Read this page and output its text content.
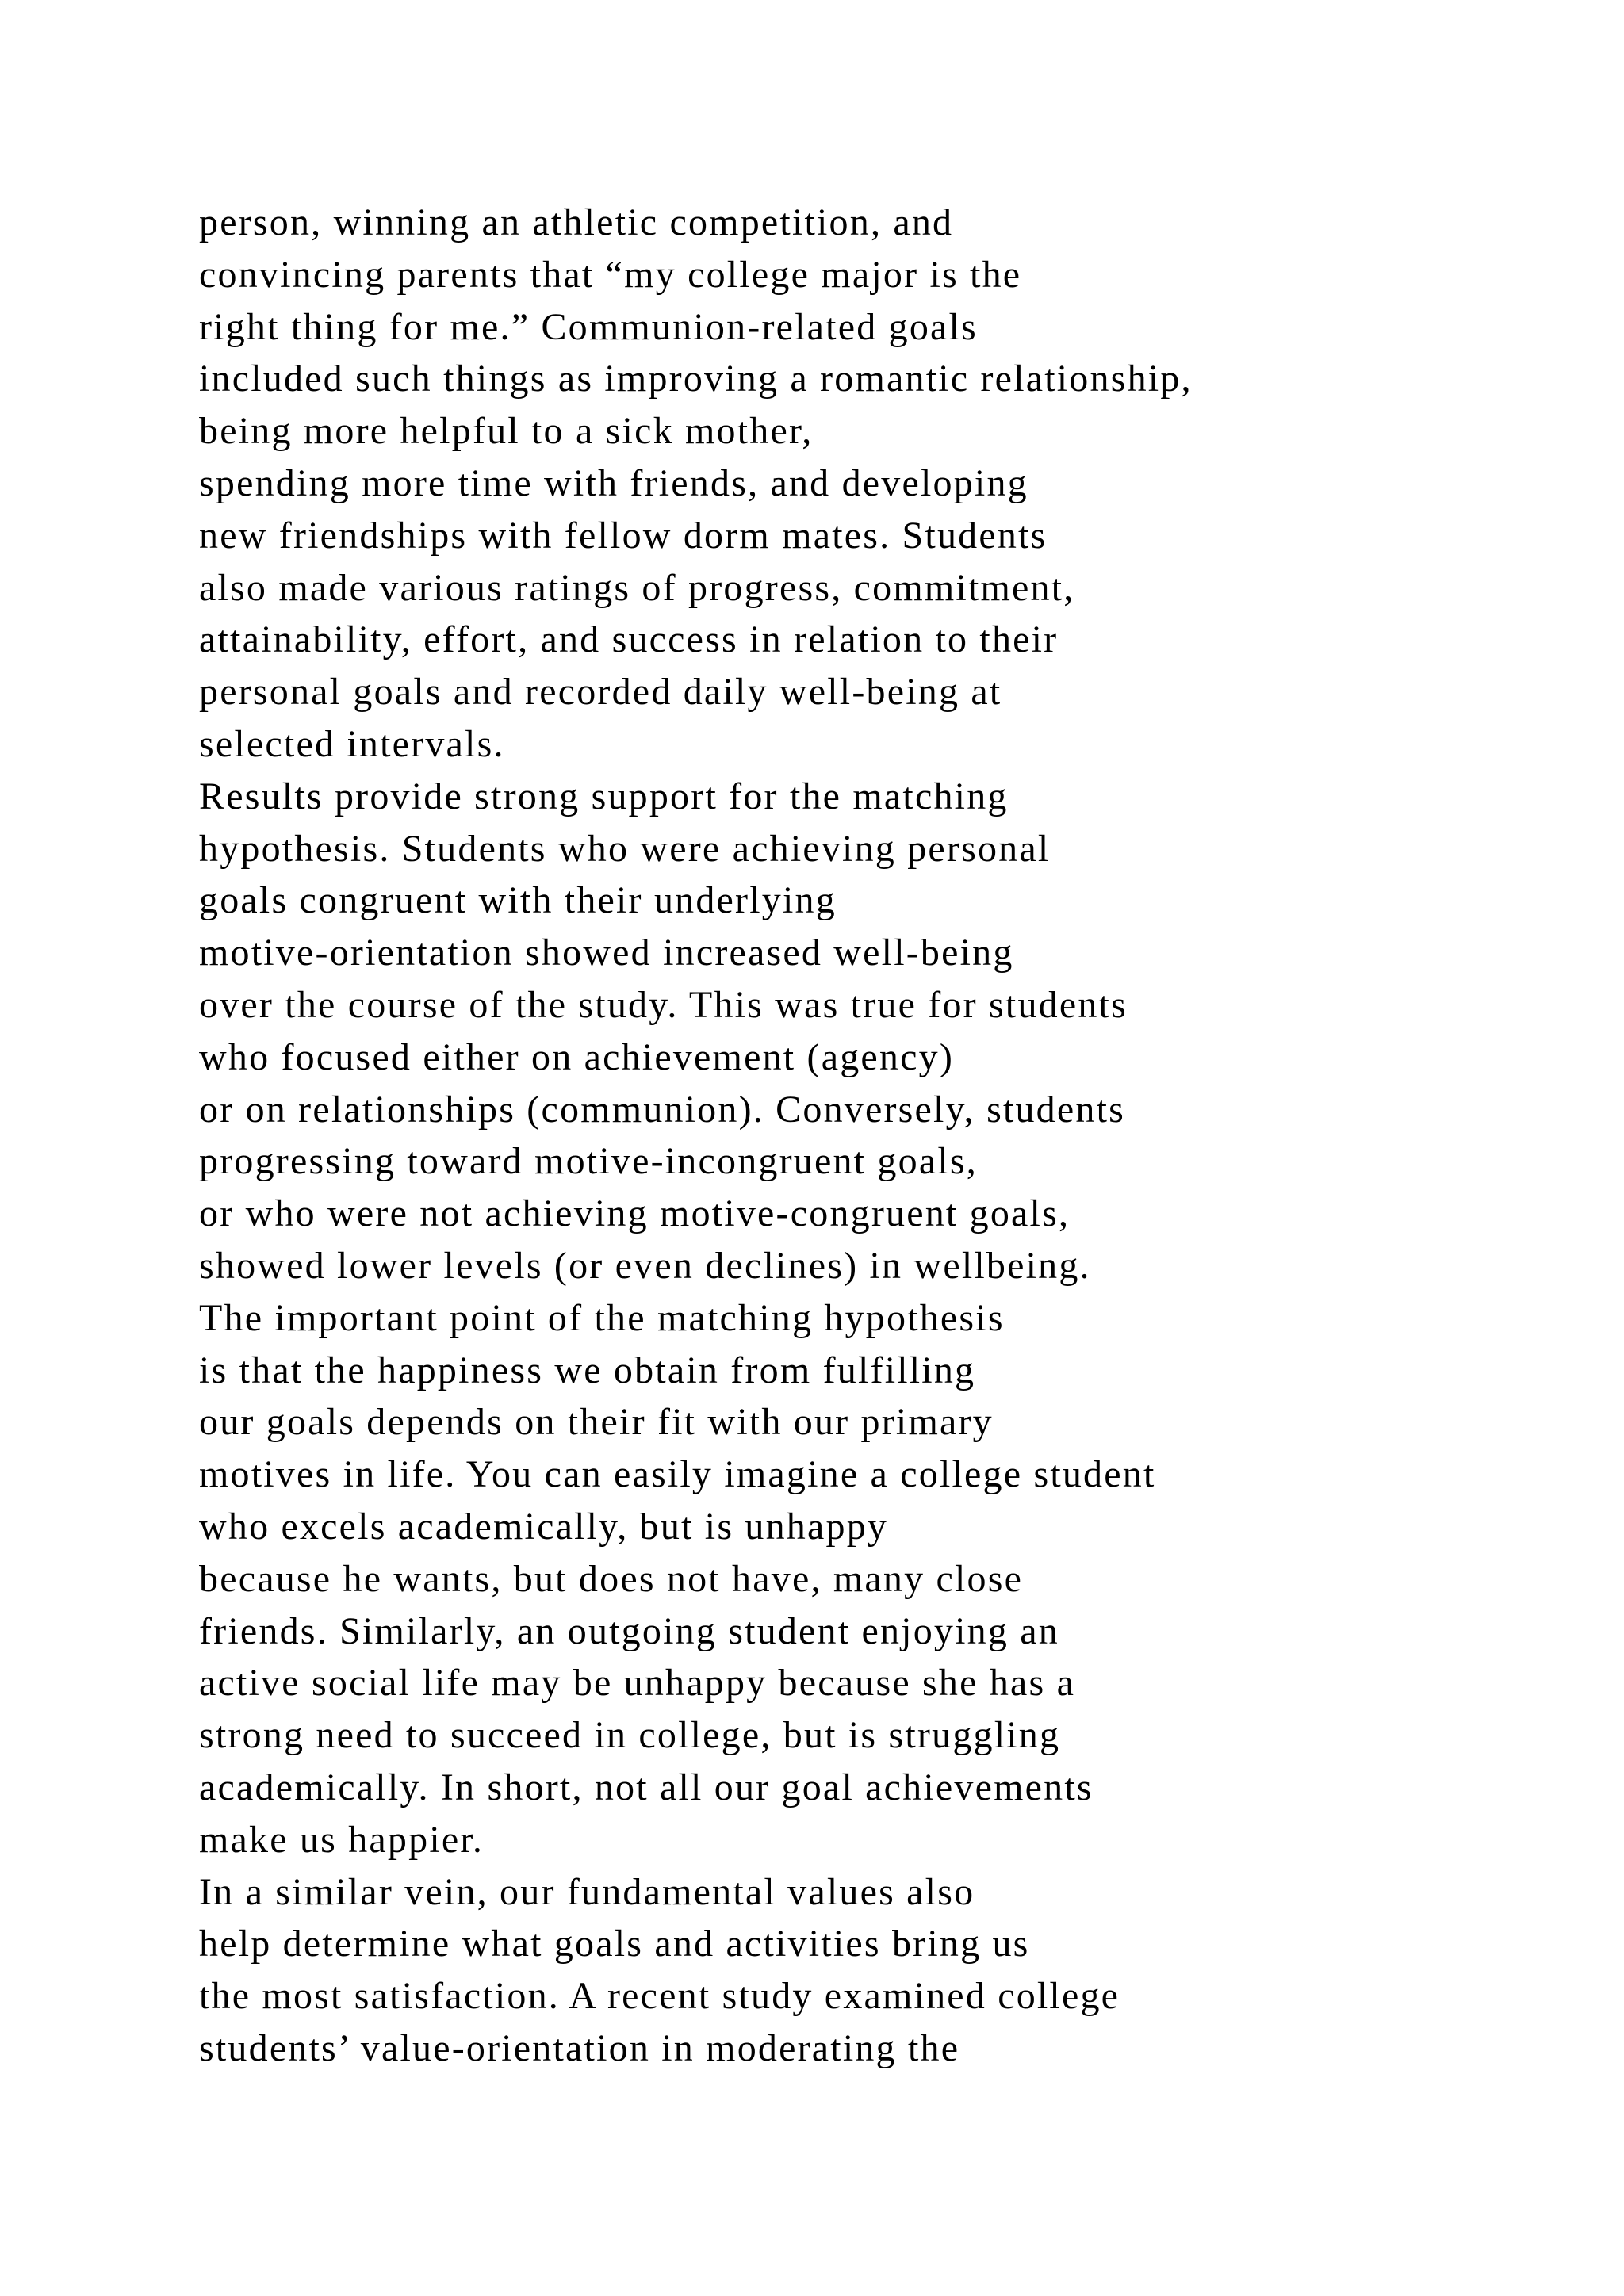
person, winning an athletic competition, and
convincing parents that “my college major is the
right thing for me.” Communion-related goals
included such things as improving a romantic relationship,
being more helpful to a sick mother,
spending more time with friends, and developing
new friendships with fellow dorm mates. Students
also made various ratings of progress, commitment,
attainability, effort, and success in relation to their
personal goals and recorded daily well-being at
selected intervals.
Results provide strong support for the matching
hypothesis. Students who were achieving personal
goals congruent with their underlying
motive-orientation showed increased well-being
over the course of the study. This was true for students
who focused either on achievement (agency)
or on relationships (communion). Conversely, students
progressing toward motive-incongruent goals,
or who were not achieving motive-congruent goals,
showed lower levels (or even declines) in wellbeing.
The important point of the matching hypothesis
is that the happiness we obtain from fulfilling
our goals depends on their fit with our primary
motives in life. You can easily imagine a college student
who excels academically, but is unhappy
because he wants, but does not have, many close
friends. Similarly, an outgoing student enjoying an
active social life may be unhappy because she has a
strong need to succeed in college, but is struggling
academically. In short, not all our goal achievements
make us happier.
In a similar vein, our fundamental values also
help determine what goals and activities bring us
the most satisfaction. A recent study examined college
students’ value-orientation in moderating the
